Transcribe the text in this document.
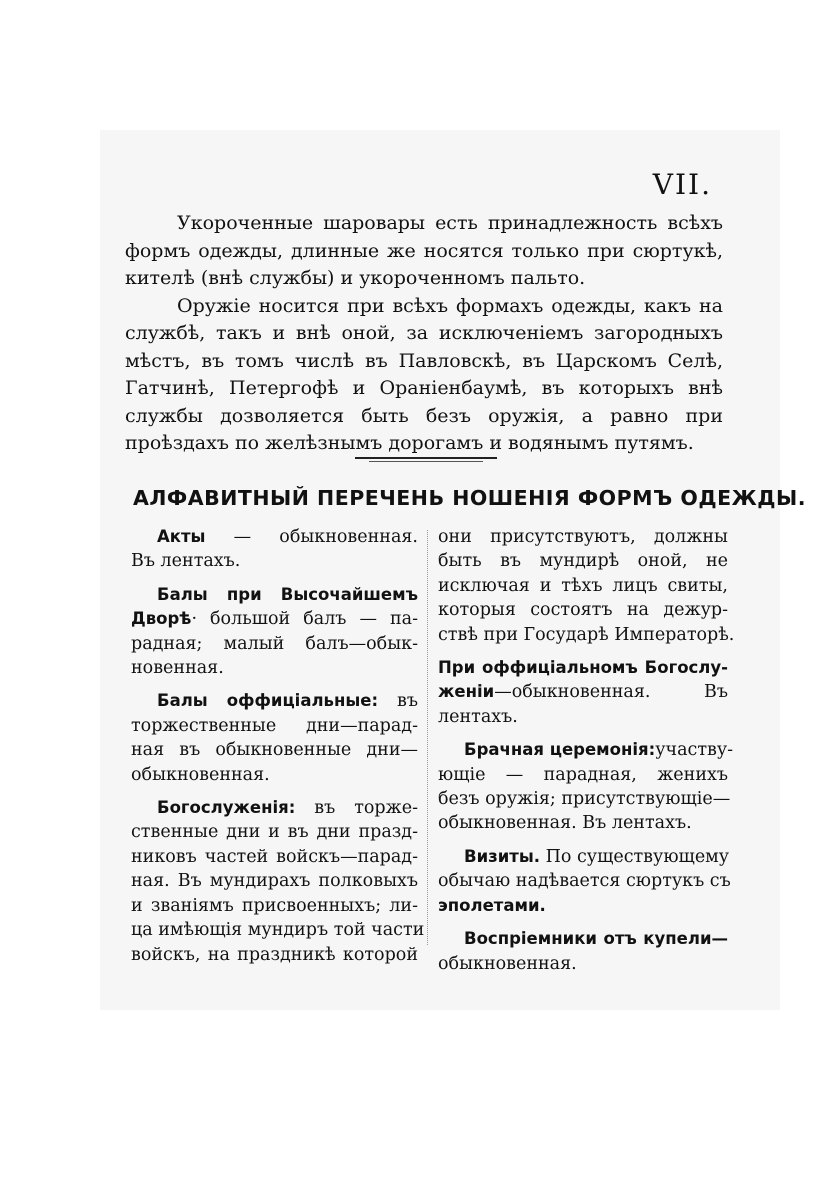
VII.

Укороченные шаровары есть принадлежность всѣхъ формъ одежды, длинные же носятся только при сюртукѣ, кителѣ (внѣ службы) и укороченномъ пальто.

Оружіе носится при всѣхъ формахъ одежды, какъ на службѣ, такъ и внѣ оной, за исключеніемъ загородныхъ мѣстъ, въ томъ числѣ въ Павловскѣ, въ Царскомъ Селѣ, Гатчинѣ, Петергофѣ и Ораніенбаумѣ, въ которыхъ внѣ службы дозволяется быть безъ оружія, а равно при проѣздахъ по желѣзнымъ дорогамъ и водянымъ путямъ.

АЛФАВИТНЫЙ ПЕРЕЧЕНЬ НОШЕНІЯ ФОРМЪ ОДЕЖДЫ.
Акты — обыкновенная.
Въ лентахъ.
Балы при Высочайшемъ
Дворѣ· большой балъ — па-
радная; малый балъ—обык-
новенная.
Балы оффиціальные: въ
торжественные дни—парад-
ная въ обыкновенные дни—
обыкновенная.
Богослуженія: въ торже-
ственные дни и въ дни празд-
никовъ частей войскъ—парад-
ная. Въ мундирахъ полковыхъ
и званіямъ присвоенныхъ; ли-
ца имѣющія мундиръ той части
войскъ, на праздникѣ которой
они присутствуютъ, должны
быть въ мундирѣ оной, не
исключая и тѣхъ лицъ свиты,
которыя состоятъ на дежур-
ствѣ при Государѣ Императорѣ.
При оффиціальномъ Богослу-
женіи—обыкновенная. Въ
лентахъ.
Брачная церемонія:участву-
ющіе — парадная, женихъ
безъ оружія; присутствующіе—
обыкновенная. Въ лентахъ.
Визиты. По существующему
обычаю надѣвается сюртукъ съ
эполетами.
Воспріемники отъ купели—
обыкновенная.
